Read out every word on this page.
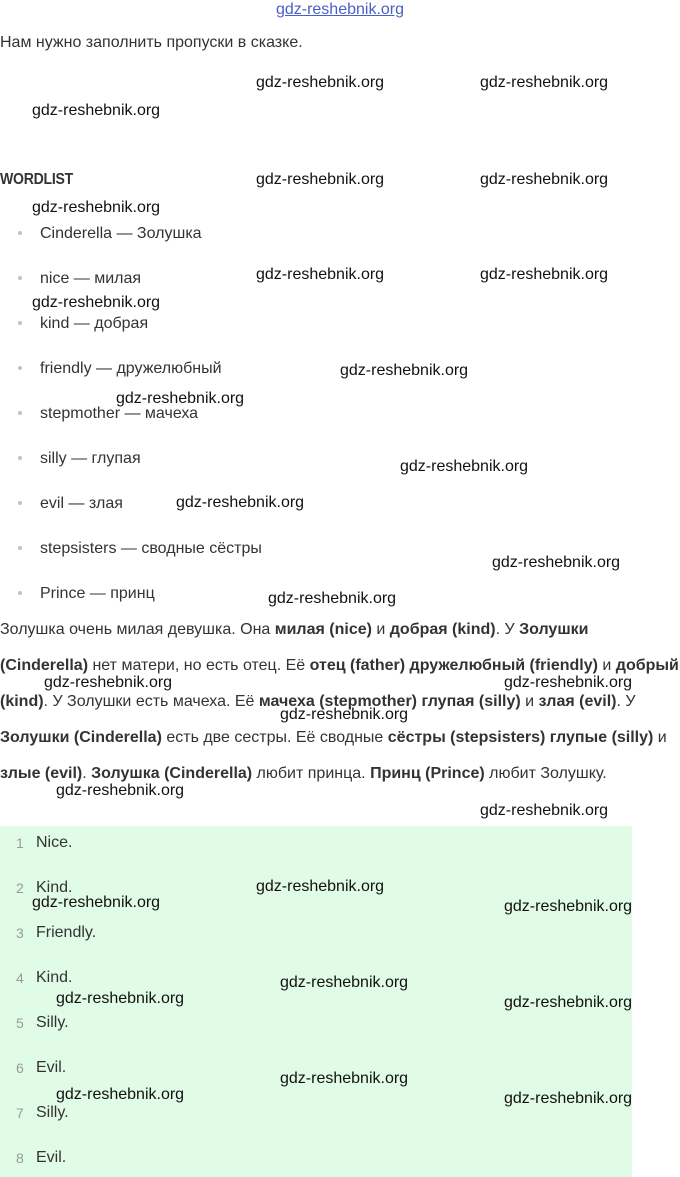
gdz-reshebnik.org
Нам нужно заполнить пропуски в сказке.
WORDLIST
Cinderella — Золушка
nice — милая
kind — добрая
friendly — дружелюбный
stepmother — мачеха
silly — глупая
evil — злая
stepsisters — сводные сёстры
Prince — принц
Золушка очень милая девушка. Она милая (nice) и добрая (kind). У Золушки (Cinderella) нет матери, но есть отец. Её отец (father) дружелюбный (friendly) и добрый (kind). У Золушки есть мачеха. Её мачеха (stepmother) глупая (silly) и злая (evil). У Золушки (Cinderella) есть две сестры. Её сводные сёстры (stepsisters) глупые (silly) и злые (evil). Золушка (Cinderella) любит принца. Принц (Prince) любит Золушку.
1 Nice.
2 Kind.
3 Friendly.
4 Kind.
5 Silly.
6 Evil.
7 Silly.
8 Evil.
gdz-reshebnik.org	gdz-reshebnik.org
gdz-reshebnik.org
gdz-reshebnik.org	gdz-reshebnik.org
gdz-reshebnik.org
gdz-reshebnik.org	gdz-reshebnik.org
gdz-reshebnik.org
gdz-reshebnik.org
gdz-reshebnik.org
gdz-reshebnik.org
gdz-reshebnik.org
gdz-reshebnik.org
gdz-reshebnik.org
gdz-reshebnik.org	gdz-reshebnik.org
gdz-reshebnik.org
gdz-reshebnik.org
gdz-reshebnik.org
gdz-reshebnik.org
gdz-reshebnik.org	gdz-reshebnik.org
gdz-reshebnik.org
gdz-reshebnik.org	gdz-reshebnik.org
gdz-reshebnik.org
gdz-reshebnik.org	gdz-reshebnik.org
